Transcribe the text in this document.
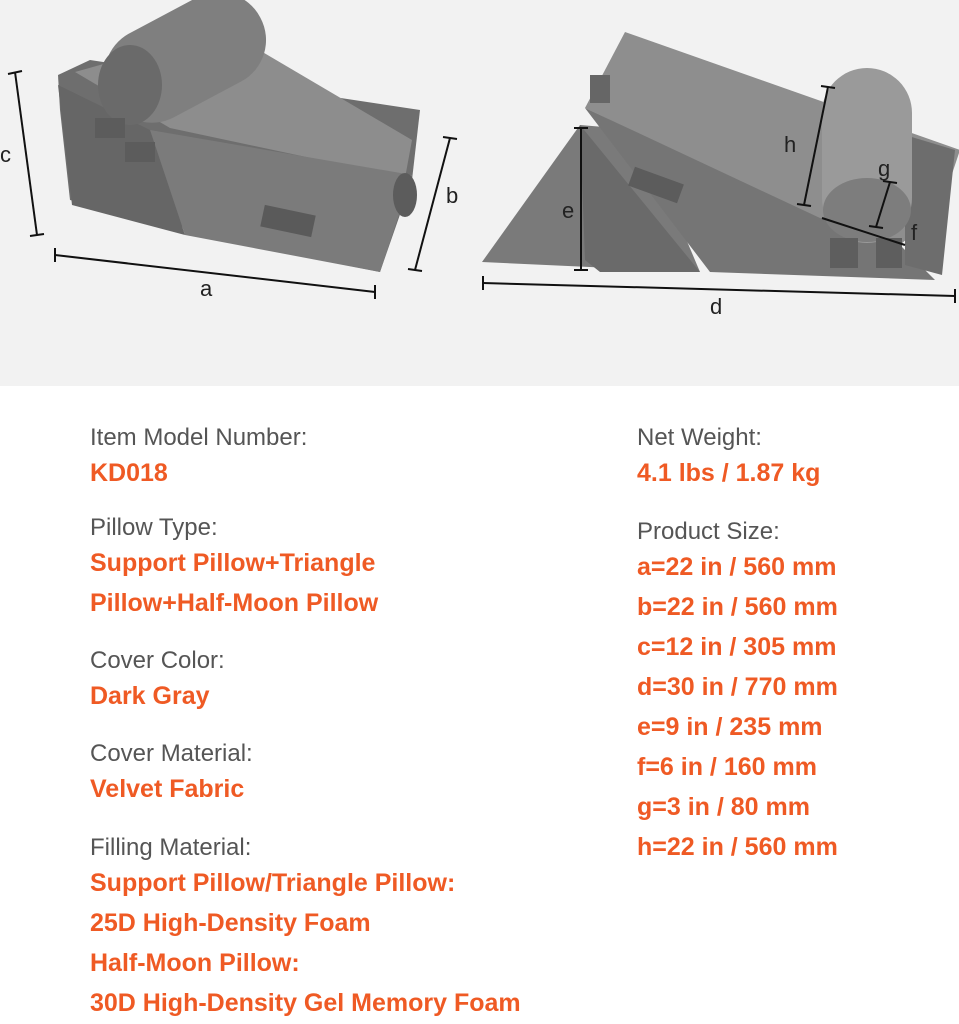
c
a
b
e
d
h
g
f
Item Model Number:
KD018
Pillow Type:
Support Pillow+Triangle
Pillow+Half-Moon Pillow
Cover Color:
Dark Gray
Cover Material:
Velvet Fabric
Filling Material:
Support Pillow/Triangle Pillow:
25D High-Density Foam
Half-Moon Pillow:
30D High-Density Gel Memory Foam
Net Weight:
4.1 lbs / 1.87 kg
Product Size:
a=22 in / 560 mm
b=22 in / 560 mm
c=12 in / 305 mm
d=30 in / 770 mm
e=9 in / 235 mm
f=6 in / 160 mm
g=3 in / 80 mm
h=22 in / 560 mm
